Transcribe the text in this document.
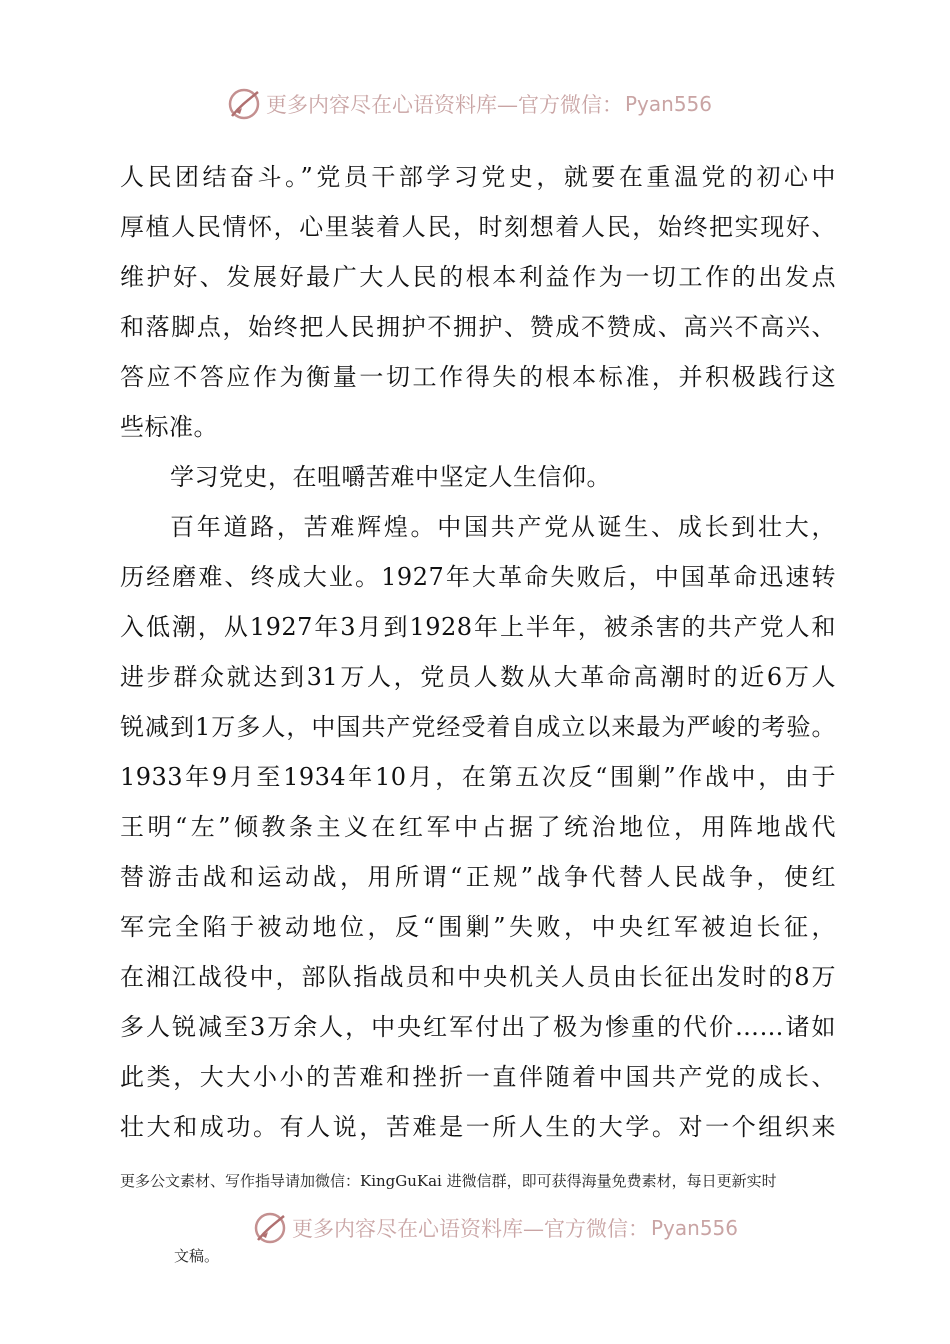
更多内容尽在心语资料库—官方微信： Pyan556
人民团结奋斗。”党员干部学习党史，就要在重温党的初心中
厚植人民情怀，心里装着人民，时刻想着人民，始终把实现好、
维护好、发展好最广大人民的根本利益作为一切工作的出发点
和落脚点，始终把人民拥护不拥护、赞成不赞成、高兴不高兴、
答应不答应作为衡量一切工作得失的根本标准，并积极践行这
些标准。
学习党史，在咀嚼苦难中坚定人生信仰。
百年道路，苦难辉煌。中国共产党从诞生、成长到壮大，
历经磨难、终成大业。1927年大革命失败后，中国革命迅速转
入低潮，从1927年3月到1928年上半年，被杀害的共产党人和
进步群众就达到31万人，党员人数从大革命高潮时的近6万人
锐减到1万多人，中国共产党经受着自成立以来最为严峻的考验。
1933年9月至1934年10月，在第五次反“围剿”作战中，由于
王明“左”倾教条主义在红军中占据了统治地位，用阵地战代
替游击战和运动战，用所谓“正规”战争代替人民战争，使红
军完全陷于被动地位，反“围剿”失败，中央红军被迫长征，
在湘江战役中，部队指战员和中央机关人员由长征出发时的8万
多人锐减至3万余人，中央红军付出了极为惨重的代价……诸如
此类，大大小小的苦难和挫折一直伴随着中国共产党的成长、
壮大和成功。有人说，苦难是一所人生的大学。对一个组织来
更多公文素材、写作指导请加微信：KingGuKai 进微信群，即可获得海量免费素材，每日更新实时
更多内容尽在心语资料库—官方微信： Pyan556
文稿。
